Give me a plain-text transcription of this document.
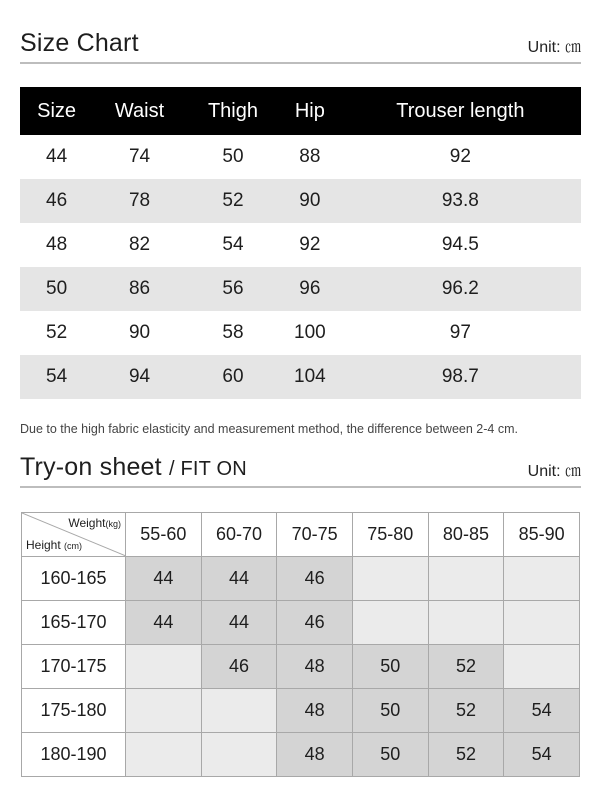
Size Chart	Unit: ㎝
Size	Waist	Thigh	Hip	Trouser length
44	74	50	88	92
46	78	52	90	93.8
48	82	54	92	94.5
50	86	56	96	96.2
52	90	58	100	97
54	94	60	104	98.7
Due to the high fabric elasticity and measurement method, the difference between 2-4 cm.
Try-on sheet / FIT ON	Unit: ㎝
Weight(kg)
Height (cm)	55-60	60-70	70-75	75-80	80-85	85-90
160-165	44	44	46			
165-170	44	44	46			
170-175		46	48	50	52	
175-180			48	50	52	54
180-190			48	50	52	54
